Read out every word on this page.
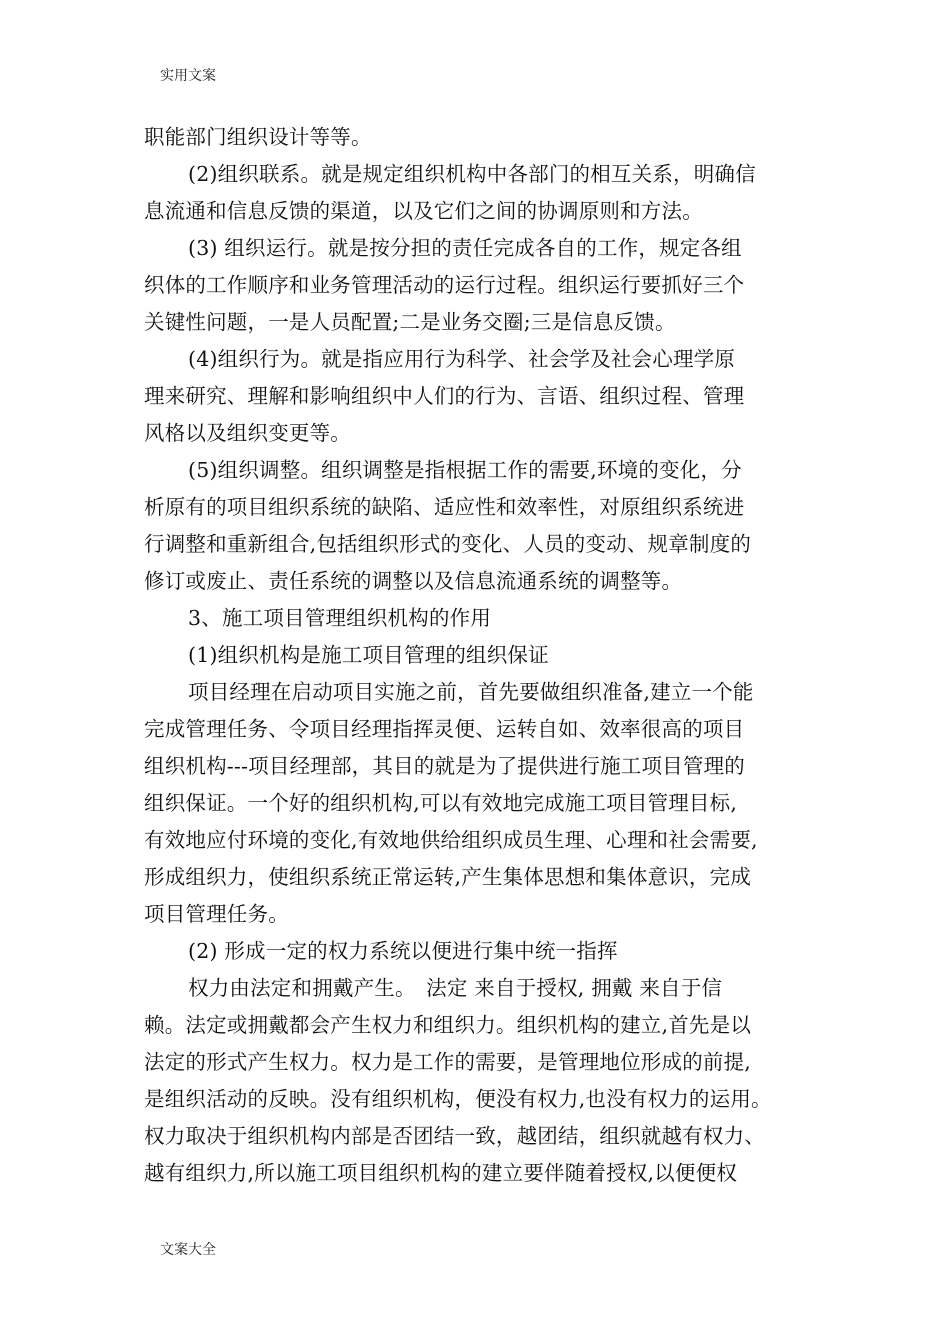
实用文案

职能部门组织设计等等。

(2)组织联系。就是规定组织机构中各部门的相互关系，明确信

息流通和信息反馈的渠道，以及它们之间的协调原则和方法。

(3) 组织运行。就是按分担的责任完成各自的工作，规定各组

织体的工作顺序和业务管理活动的运行过程。组织运行要抓好三个

关键性问题，一是人员配置;二是业务交圈;三是信息反馈。

(4)组织行为。就是指应用行为科学、社会学及社会心理学原

理来研究、理解和影响组织中人们的行为、言语、组织过程、管理

风格以及组织变更等。

(5)组织调整。组织调整是指根据工作的需要,环境的变化，分

析原有的项目组织系统的缺陷、适应性和效率性，对原组织系统进

行调整和重新组合,包括组织形式的变化、人员的变动、规章制度的

修订或废止、责任系统的调整以及信息流通系统的调整等。

3、施工项目管理组织机构的作用

(1)组织机构是施工项目管理的组织保证

项目经理在启动项目实施之前，首先要做组织准备,建立一个能

完成管理任务、令项目经理指挥灵便、运转自如、效率很高的项目

组织机构---项目经理部，其目的就是为了提供进行施工项目管理的

组织保证。一个好的组织机构,可以有效地完成施工项目管理目标,

有效地应付环境的变化,有效地供给组织成员生理、心理和社会需要,

形成组织力，使组织系统正常运转,产生集体思想和集体意识，完成

项目管理任务。

(2) 形成一定的权力系统以便进行集中统一指挥

权力由法定和拥戴产生。　法定 来自于授权, 拥戴 来自于信

赖。法定或拥戴都会产生权力和组织力。组织机构的建立,首先是以

法定的形式产生权力。权力是工作的需要，是管理地位形成的前提,

是组织活动的反映。没有组织机构，便没有权力,也没有权力的运用。

权力取决于组织机构内部是否团结一致，越团结，组织就越有权力、

越有组织力,所以施工项目组织机构的建立要伴随着授权,以便便权

文案大全
